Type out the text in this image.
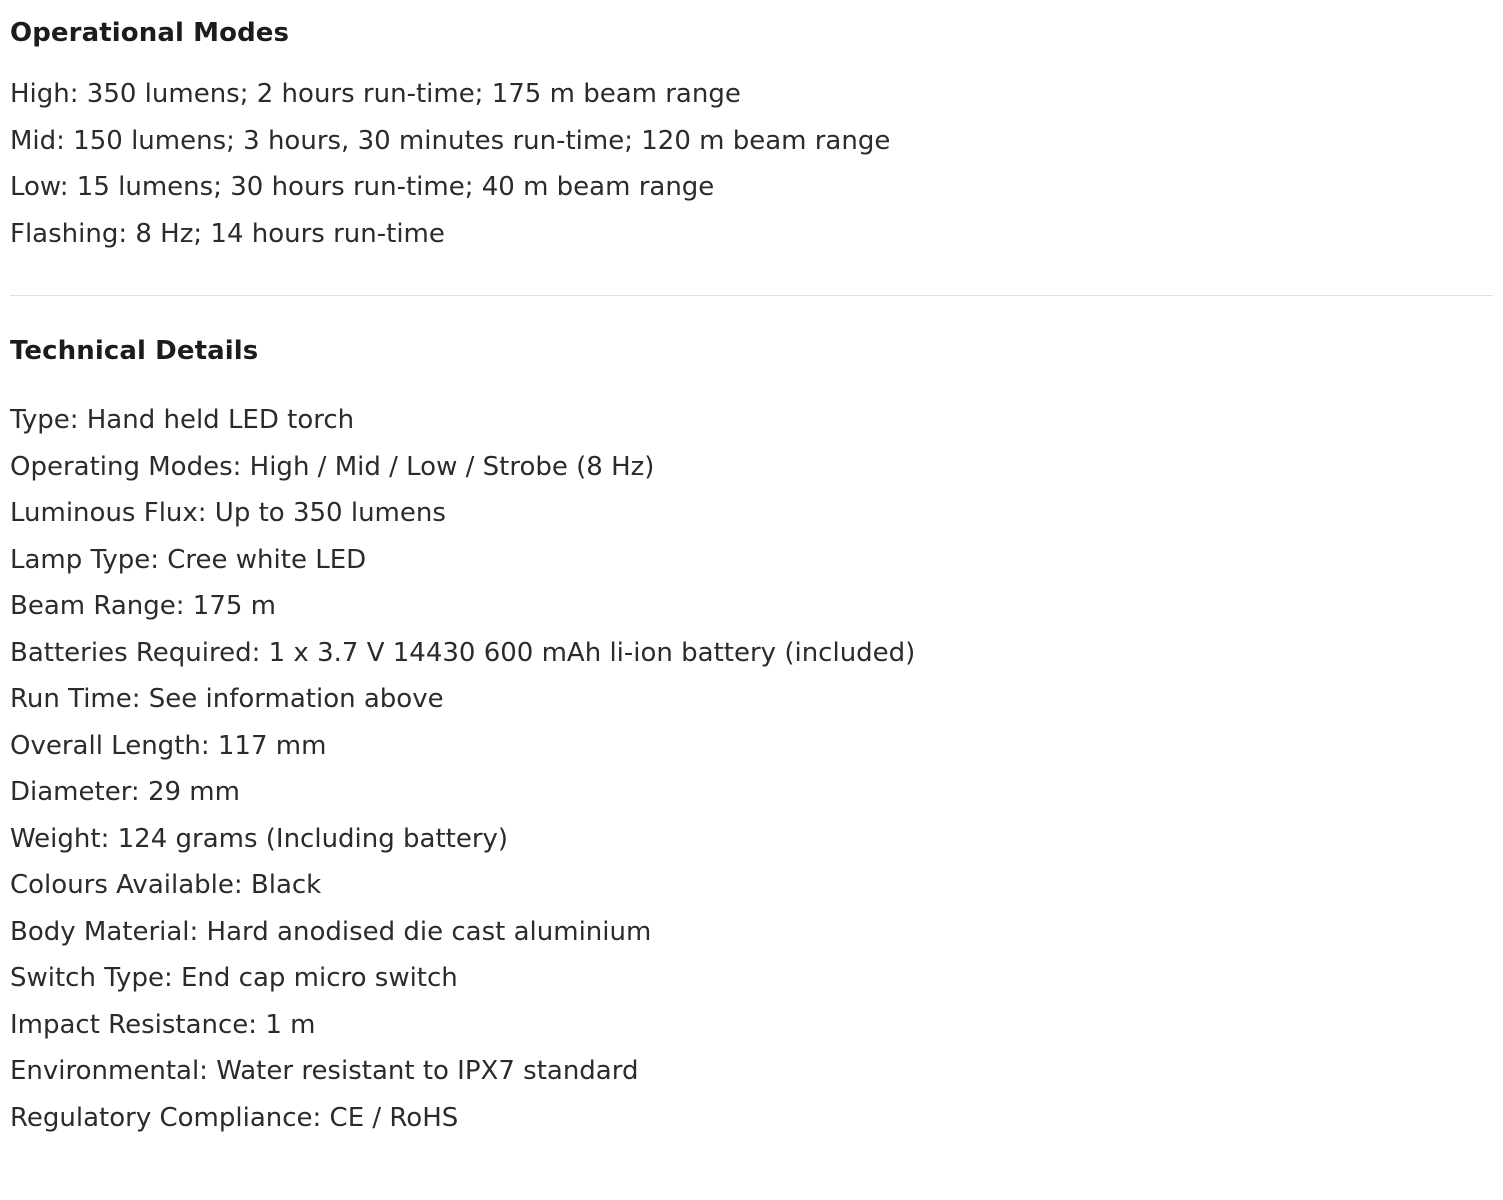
Operational Modes
High: 350 lumens; 2 hours run-time; 175 m beam range
Mid: 150 lumens; 3 hours, 30 minutes run-time; 120 m beam range
Low: 15 lumens; 30 hours run-time; 40 m beam range
Flashing: 8 Hz; 14 hours run-time
Technical Details
Type: Hand held LED torch
Operating Modes: High / Mid / Low / Strobe (8 Hz)
Luminous Flux: Up to 350 lumens
Lamp Type: Cree white LED
Beam Range: 175 m
Batteries Required: 1 x 3.7 V 14430 600 mAh li-ion battery (included)
Run Time: See information above
Overall Length: 117 mm
Diameter: 29 mm
Weight: 124 grams (Including battery)
Colours Available: Black
Body Material: Hard anodised die cast aluminium
Switch Type: End cap micro switch
Impact Resistance: 1 m
Environmental: Water resistant to IPX7 standard
Regulatory Compliance: CE / RoHS
